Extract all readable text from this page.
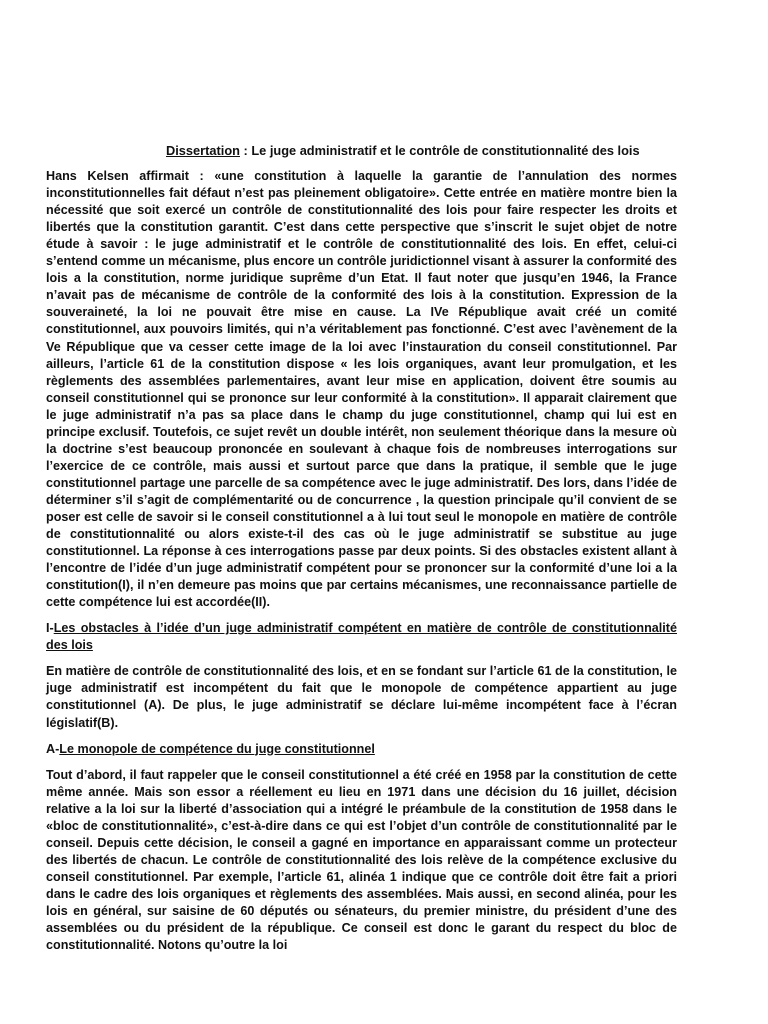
Dissertation : Le juge administratif et le contrôle de constitutionnalité des lois

Hans Kelsen affirmait : «une constitution à laquelle la garantie de l’annulation des normes inconstitutionnelles fait défaut n’est pas pleinement obligatoire». Cette entrée en matière montre bien la nécessité que soit exercé un contrôle de constitutionnalité des lois pour faire respecter les droits et libertés que la constitution garantit. C’est dans cette perspective que s’inscrit le sujet objet de notre étude à savoir : le juge administratif et le contrôle de constitutionnalité des lois. En effet, celui-ci s’entend comme un mécanisme, plus encore un contrôle juridictionnel visant à assurer la conformité des lois a la constitution, norme juridique suprême d’un Etat. Il faut noter que jusqu’en 1946, la France n’avait pas de mécanisme de contrôle de la conformité des lois à la constitution. Expression de la souveraineté, la loi ne pouvait être mise en cause. La IVe République avait créé un comité constitutionnel, aux pouvoirs limités, qui n’a véritablement pas fonctionné. C’est avec l’avènement de la Ve République que va cesser cette image de la loi avec l’instauration du conseil constitutionnel. Par ailleurs, l’article 61 de la constitution dispose « les lois organiques, avant leur promulgation, et les règlements des assemblées parlementaires, avant leur mise en application, doivent être soumis au conseil constitutionnel qui se prononce sur leur conformité à la constitution». Il apparait clairement que le juge administratif n’a pas sa place dans le champ du juge constitutionnel, champ qui lui est en principe exclusif. Toutefois, ce sujet revêt un double intérêt, non seulement théorique dans la mesure où la doctrine s’est beaucoup prononcée en soulevant à chaque fois de nombreuses interrogations sur l’exercice de ce contrôle, mais aussi et surtout parce que dans la pratique, il semble que le juge constitutionnel partage une parcelle de sa compétence avec le juge administratif. Des lors, dans l’idée de déterminer s’il s’agit de complémentarité ou de concurrence , la question principale qu’il convient de se poser est celle de savoir si le conseil constitutionnel a à lui tout seul le monopole en matière de contrôle de constitutionnalité ou alors existe-t-il des cas où le juge administratif se substitue au juge constitutionnel. La réponse à ces interrogations passe par deux points. Si des obstacles existent allant à l’encontre de l’idée d’un juge administratif compétent pour se prononcer sur la conformité d’une loi a la constitution(I), il n’en demeure pas moins que par certains mécanismes, une reconnaissance partielle de cette compétence lui est accordée(II).

I-Les obstacles à l’idée d’un juge administratif compétent en matière de contrôle de constitutionnalité des lois

En matière de contrôle de constitutionnalité des lois, et en se fondant sur l’article 61 de la constitution, le juge administratif est incompétent du fait que le monopole de compétence appartient au juge constitutionnel (A). De plus, le juge administratif se déclare lui-même incompétent face à l’écran législatif(B).

A-Le monopole de compétence du juge constitutionnel

Tout d’abord, il faut rappeler que le conseil constitutionnel a été créé en 1958 par la constitution de cette même année. Mais son essor a réellement eu lieu en 1971 dans une décision du 16 juillet, décision relative a la loi sur la liberté d’association qui a intégré le préambule de la constitution de 1958 dans le «bloc de constitutionnalité», c’est-à-dire dans ce qui est l’objet d’un contrôle de constitutionnalité par le conseil. Depuis cette décision, le conseil a gagné en importance en apparaissant comme un protecteur des libertés de chacun. Le contrôle de constitutionnalité des lois relève de la compétence exclusive du conseil constitutionnel. Par exemple, l’article 61, alinéa 1 indique que ce contrôle doit être fait a priori dans le cadre des lois organiques et règlements des assemblées. Mais aussi, en second alinéa, pour les lois en général, sur saisine de 60 députés ou sénateurs, du premier ministre, du président d’une des assemblées ou du président de la république. Ce conseil est donc le garant du respect du bloc de constitutionnalité. Notons qu’outre la loi
